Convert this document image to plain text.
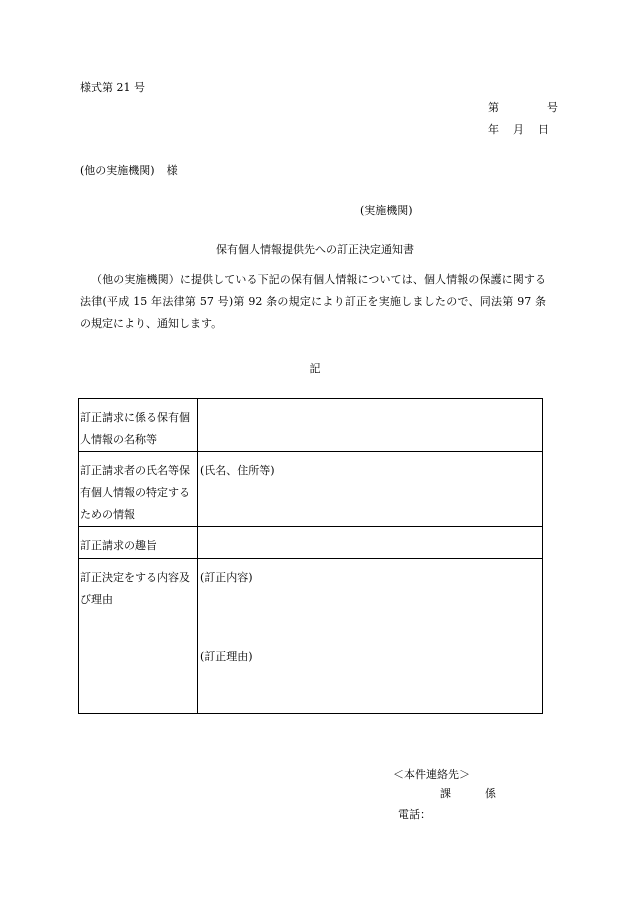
様式第 21 号
第	号
年 月 日
(他の実施機関) 様
(実施機関)
保有個人情報提供先への訂正決定通知書
（他の実施機関）に提供している下記の保有個人情報については、個人情報の保護に関する法律(平成 15 年法律第 57 号)第 92 条の規定により訂正を実施しましたので、同法第 97 条の規定により、通知します。
記
訂正請求に係る保有個人情報の名称等	
訂正請求者の氏名等保有個人情報の特定するための情報	(氏名、住所等)
訂正請求の趣旨	
訂正決定をする内容及び理由	(訂正内容)
(訂正理由)
＜本件連絡先＞
課	係
電話：
